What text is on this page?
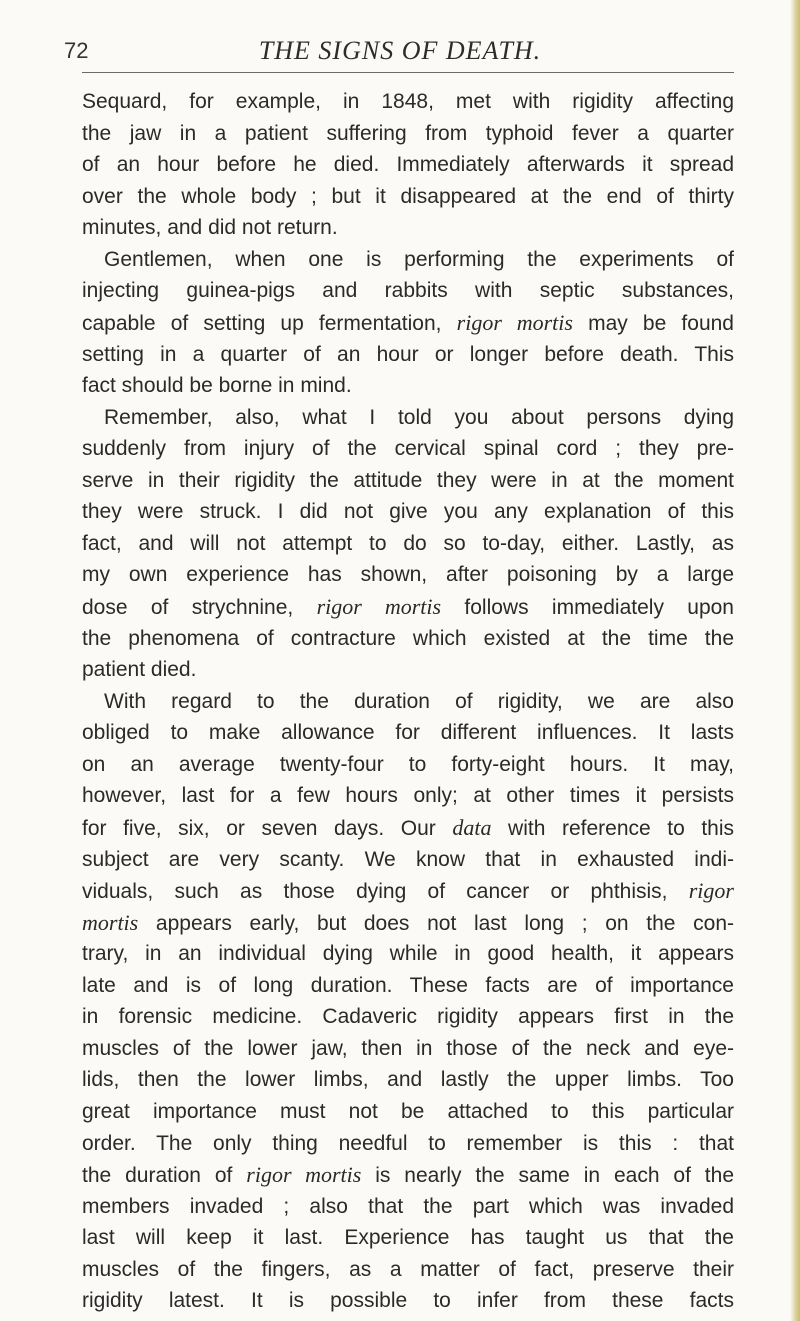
72	THE SIGNS OF DEATH.
Sequard, for example, in 1848, met with rigidity affecting
the jaw in a patient suffering from typhoid fever a quarter
of an hour before he died. Immediately afterwards it spread
over the whole body ; but it disappeared at the end of thirty
minutes, and did not return.
Gentlemen, when one is performing the experiments of
injecting guinea-pigs and rabbits with septic substances,
capable of setting up fermentation, rigor mortis may be found
setting in a quarter of an hour or longer before death. This
fact should be borne in mind.
Remember, also, what I told you about persons dying
suddenly from injury of the cervical spinal cord ; they pre-
serve in their rigidity the attitude they were in at the moment
they were struck. I did not give you any explanation of this
fact, and will not attempt to do so to-day, either. Lastly, as
my own experience has shown, after poisoning by a large
dose of strychnine, rigor mortis follows immediately upon
the phenomena of contracture which existed at the time the
patient died.
With regard to the duration of rigidity, we are also
obliged to make allowance for different influences. It lasts
on an average twenty-four to forty-eight hours. It may,
however, last for a few hours only; at other times it persists
for five, six, or seven days. Our data with reference to this
subject are very scanty. We know that in exhausted indi-
viduals, such as those dying of cancer or phthisis, rigor
mortis appears early, but does not last long ; on the con-
trary, in an individual dying while in good health, it appears
late and is of long duration. These facts are of importance
in forensic medicine. Cadaveric rigidity appears first in the
muscles of the lower jaw, then in those of the neck and eye-
lids, then the lower limbs, and lastly the upper limbs. Too
great importance must not be attached to this particular
order. The only thing needful to remember is this : that
the duration of rigor mortis is nearly the same in each of the
members invaded ; also that the part which was invaded
last will keep it last. Experience has taught us that the
muscles of the fingers, as a matter of fact, preserve their
rigidity latest. It is possible to infer from these facts
